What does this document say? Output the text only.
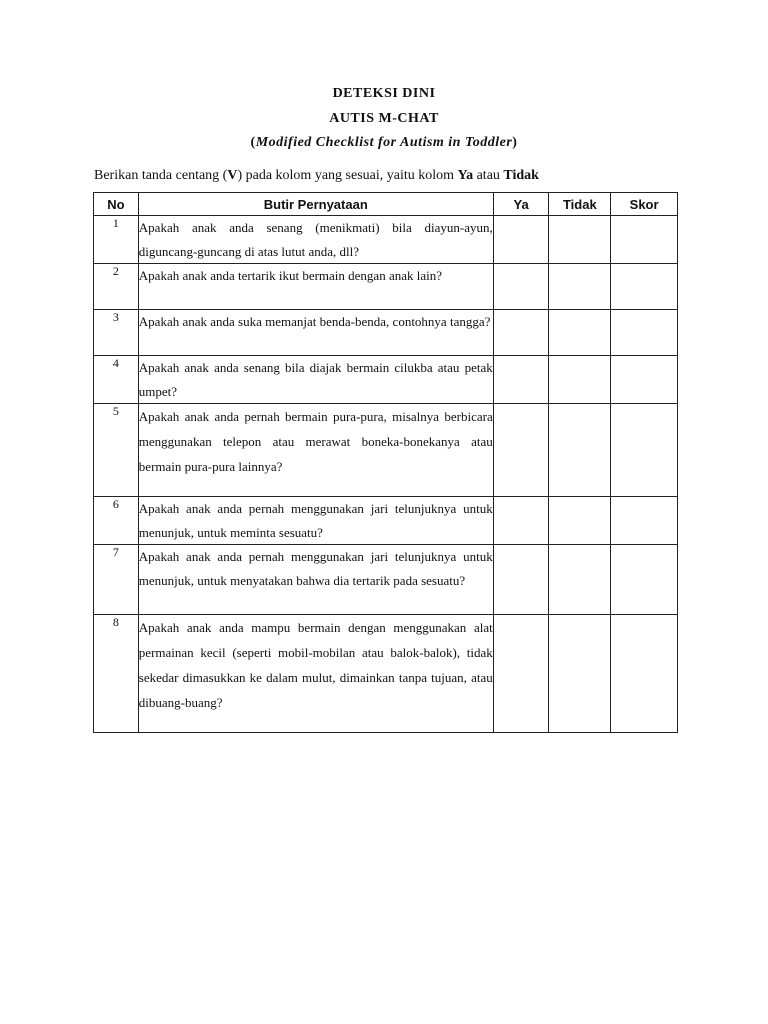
DETEKSI DINI
AUTIS M-CHAT
(Modified Checklist for Autism in Toddler)
Berikan tanda centang (V) pada kolom yang sesuai, yaitu kolom Ya atau Tidak
No	Butir Pernyataan	Ya	Tidak	Skor
1	Apakah anak anda senang (menikmati) bila diayun-ayun, diguncang-guncang di atas lutut anda, dll?			
2	Apakah anak anda tertarik ikut bermain dengan anak lain?			
3	Apakah anak anda suka memanjat benda-benda, contohnya tangga?			
4	Apakah anak anda senang bila diajak bermain cilukba atau petak umpet?			
5	Apakah anak anda pernah bermain pura-pura, misalnya berbicara menggunakan telepon atau merawat boneka-bonekanya atau bermain pura-pura lainnya?			
6	Apakah anak anda pernah menggunakan jari telunjuknya untuk menunjuk, untuk meminta sesuatu?			
7	Apakah anak anda pernah menggunakan jari telunjuknya untuk menunjuk, untuk menyatakan bahwa dia tertarik pada sesuatu?			
8	Apakah anak anda mampu bermain dengan menggunakan alat permainan kecil (seperti mobil-mobilan atau balok-balok), tidak sekedar dimasukkan ke dalam mulut, dimainkan tanpa tujuan, atau dibuang-buang?			
